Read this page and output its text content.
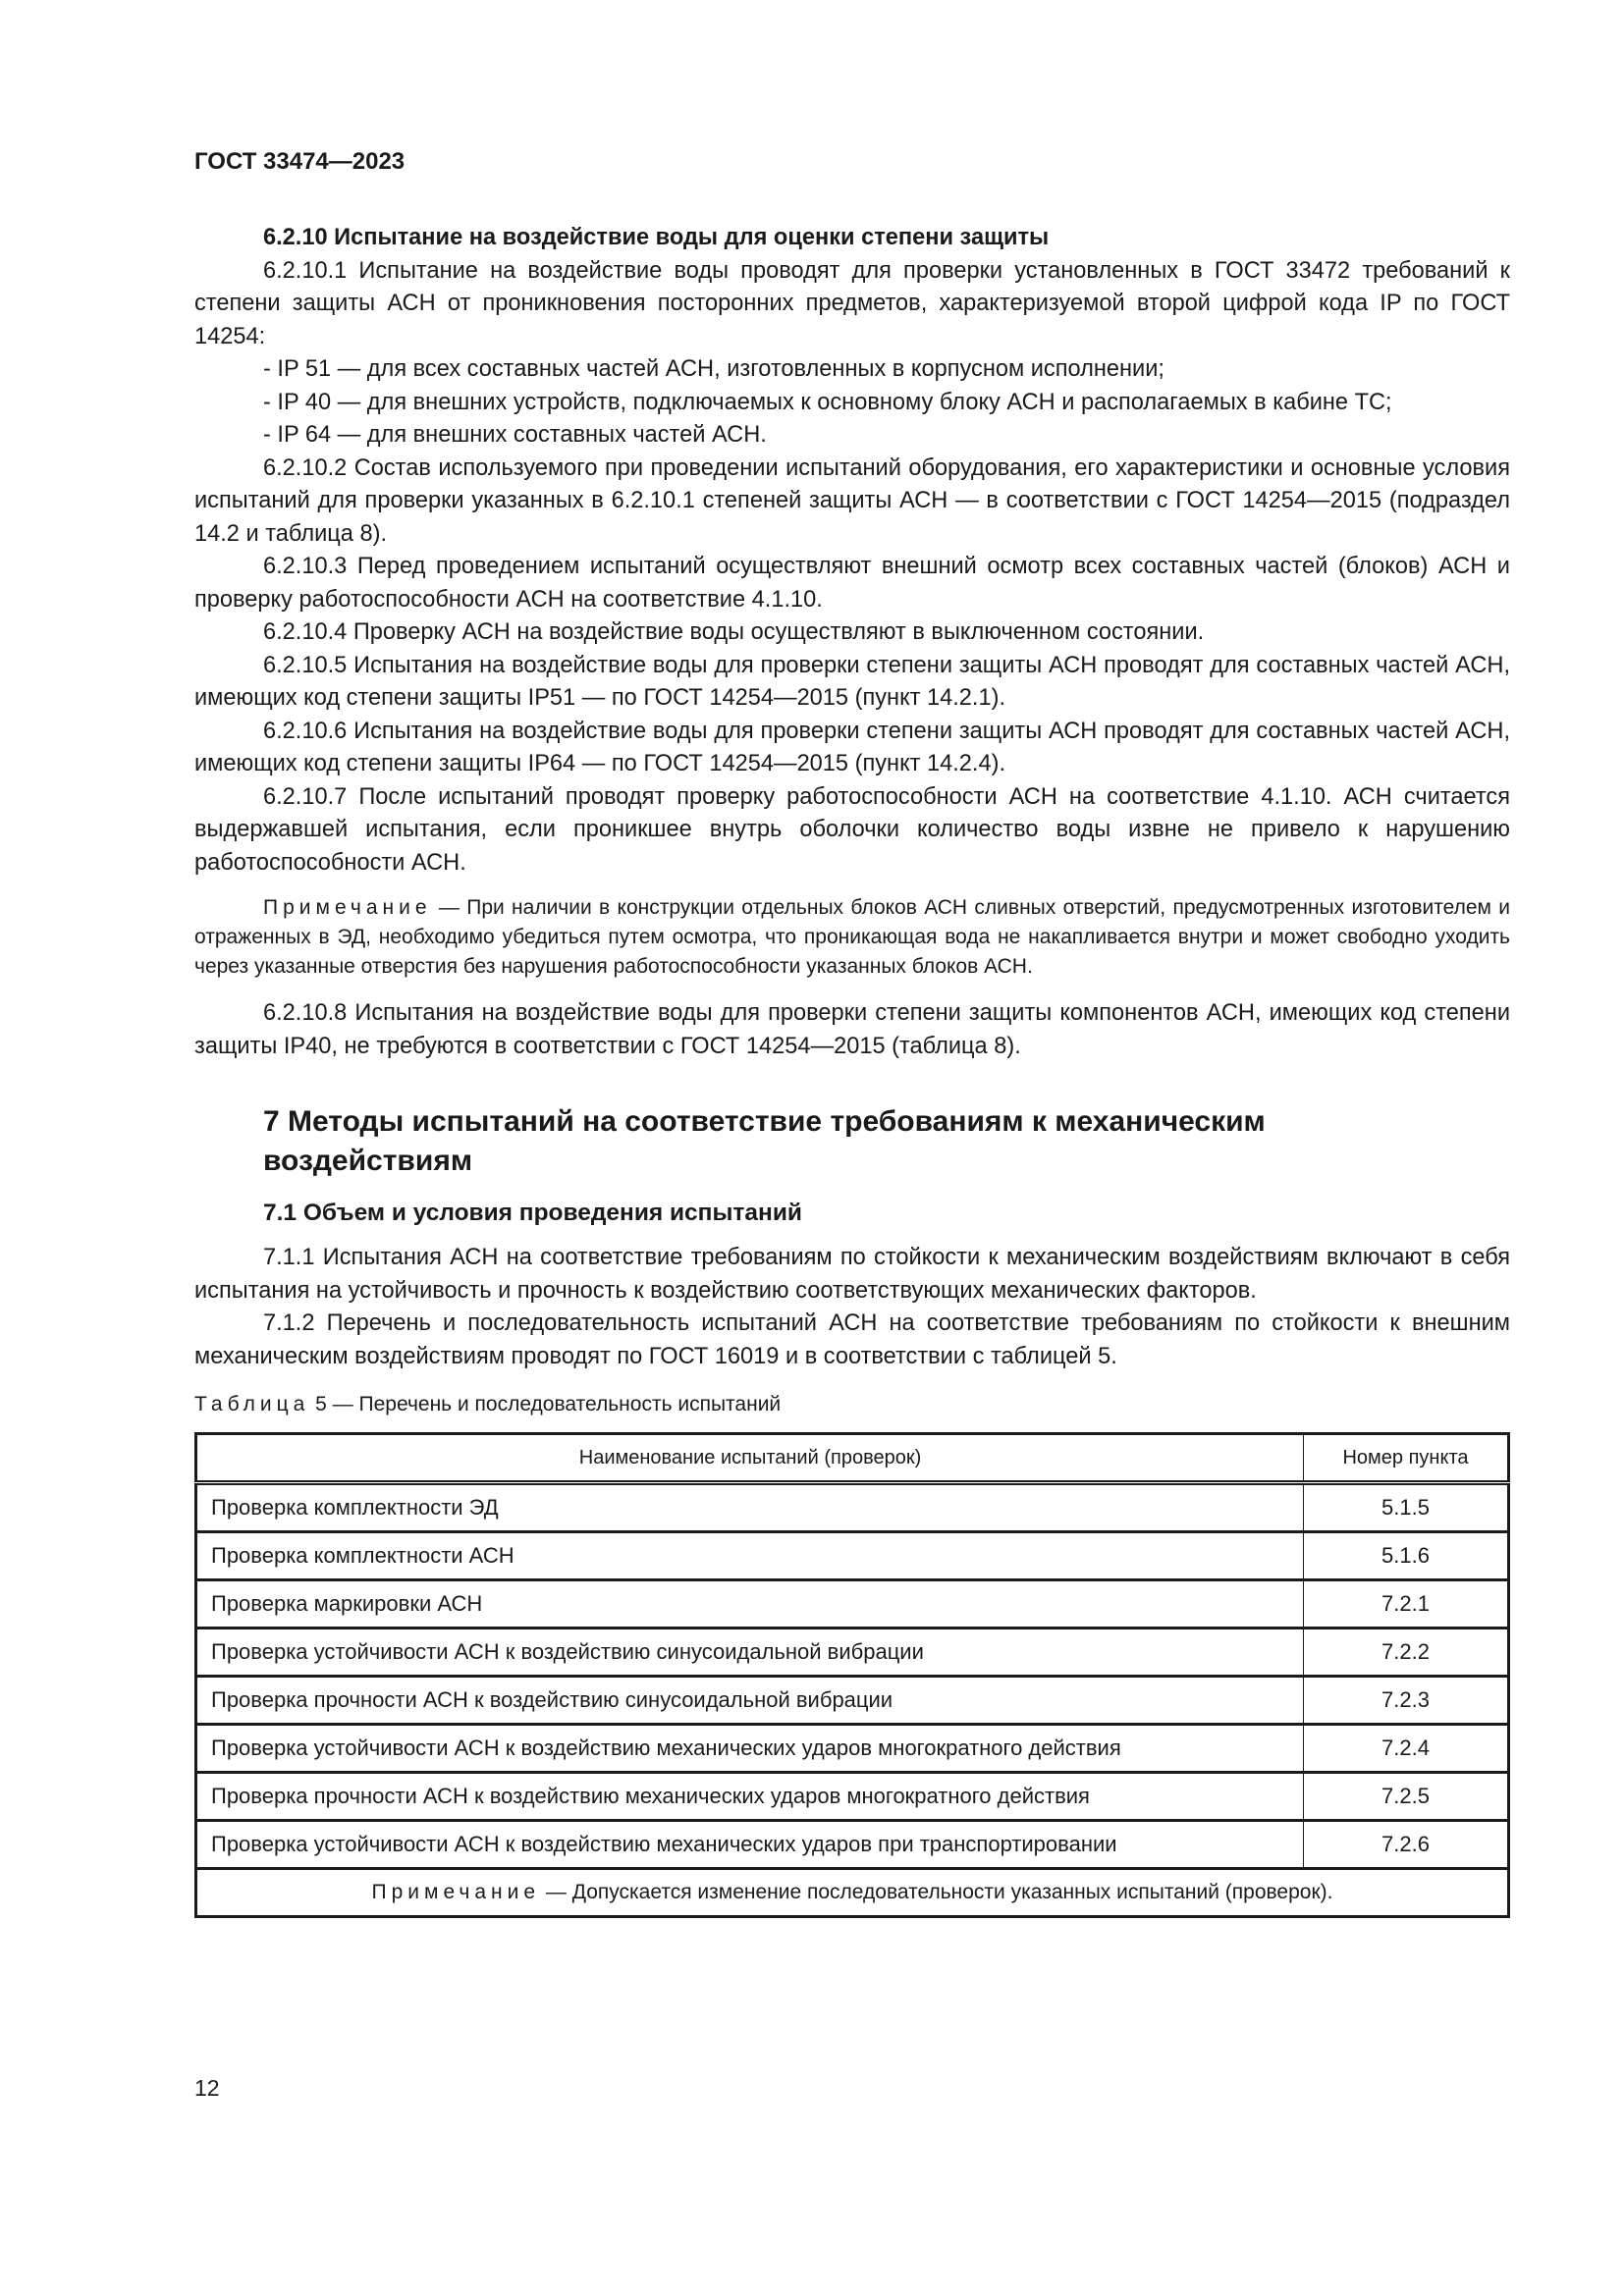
ГОСТ 33474—2023
6.2.10 Испытание на воздействие воды для оценки степени защиты

6.2.10.1 Испытание на воздействие воды проводят для проверки установленных в ГОСТ 33472 требований к степени защиты АСН от проникновения посторонних предметов, характеризуемой второй цифрой кода IP по ГОСТ 14254:

- IP 51 — для всех составных частей АСН, изготовленных в корпусном исполнении;

- IP 40 — для внешних устройств, подключаемых к основному блоку АСН и располагаемых в кабине ТС;

- IP 64 — для внешних составных частей АСН.

6.2.10.2 Состав используемого при проведении испытаний оборудования, его характеристики и основные условия испытаний для проверки указанных в 6.2.10.1 степеней защиты АСН — в соответствии с ГОСТ 14254—2015 (подраздел 14.2 и таблица 8).

6.2.10.3 Перед проведением испытаний осуществляют внешний осмотр всех составных частей (блоков) АСН и проверку работоспособности АСН на соответствие 4.1.10.

6.2.10.4 Проверку АСН на воздействие воды осуществляют в выключенном состоянии.

6.2.10.5 Испытания на воздействие воды для проверки степени защиты АСН проводят для составных частей АСН, имеющих код степени защиты IP51 — по ГОСТ 14254—2015 (пункт 14.2.1).

6.2.10.6 Испытания на воздействие воды для проверки степени защиты АСН проводят для составных частей АСН, имеющих код степени защиты IP64 — по ГОСТ 14254—2015 (пункт 14.2.4).

6.2.10.7 После испытаний проводят проверку работоспособности АСН на соответствие 4.1.10. АСН считается выдержавшей испытания, если проникшее внутрь оболочки количество воды извне не привело к нарушению работоспособности АСН.

Примечание — При наличии в конструкции отдельных блоков АСН сливных отверстий, предусмотренных изготовителем и отраженных в ЭД, необходимо убедиться путем осмотра, что проникающая вода не накапливается внутри и может свободно уходить через указанные отверстия без нарушения работоспособности указанных блоков АСН.

6.2.10.8 Испытания на воздействие воды для проверки степени защиты компонентов АСН, имеющих код степени защиты IP40, не требуются в соответствии с ГОСТ 14254—2015 (таблица 8).

7 Методы испытаний на соответствие требованиям к механическим воздействиям
7.1 Объем и условия проведения испытаний

7.1.1 Испытания АСН на соответствие требованиям по стойкости к механическим воздействиям включают в себя испытания на устойчивость и прочность к воздействию соответствующих механических факторов.

7.1.2 Перечень и последовательность испытаний АСН на соответствие требованиям по стойкости к внешним механическим воздействиям проводят по ГОСТ 16019 и в соответствии с таблицей 5.

Таблица 5 — Перечень и последовательность испытаний
Наименование испытаний (проверок)	Номер пункта
Проверка комплектности ЭД	5.1.5
Проверка комплектности АСН	5.1.6
Проверка маркировки АСН	7.2.1
Проверка устойчивости АСН к воздействию синусоидальной вибрации	7.2.2
Проверка прочности АСН к воздействию синусоидальной вибрации	7.2.3
Проверка устойчивости АСН к воздействию механических ударов многократного действия	7.2.4
Проверка прочности АСН к воздействию механических ударов многократного действия	7.2.5
Проверка устойчивости АСН к воздействию механических ударов при транспортировании	7.2.6
Примечание — Допускается изменение последовательности указанных испытаний (проверок).	
12
